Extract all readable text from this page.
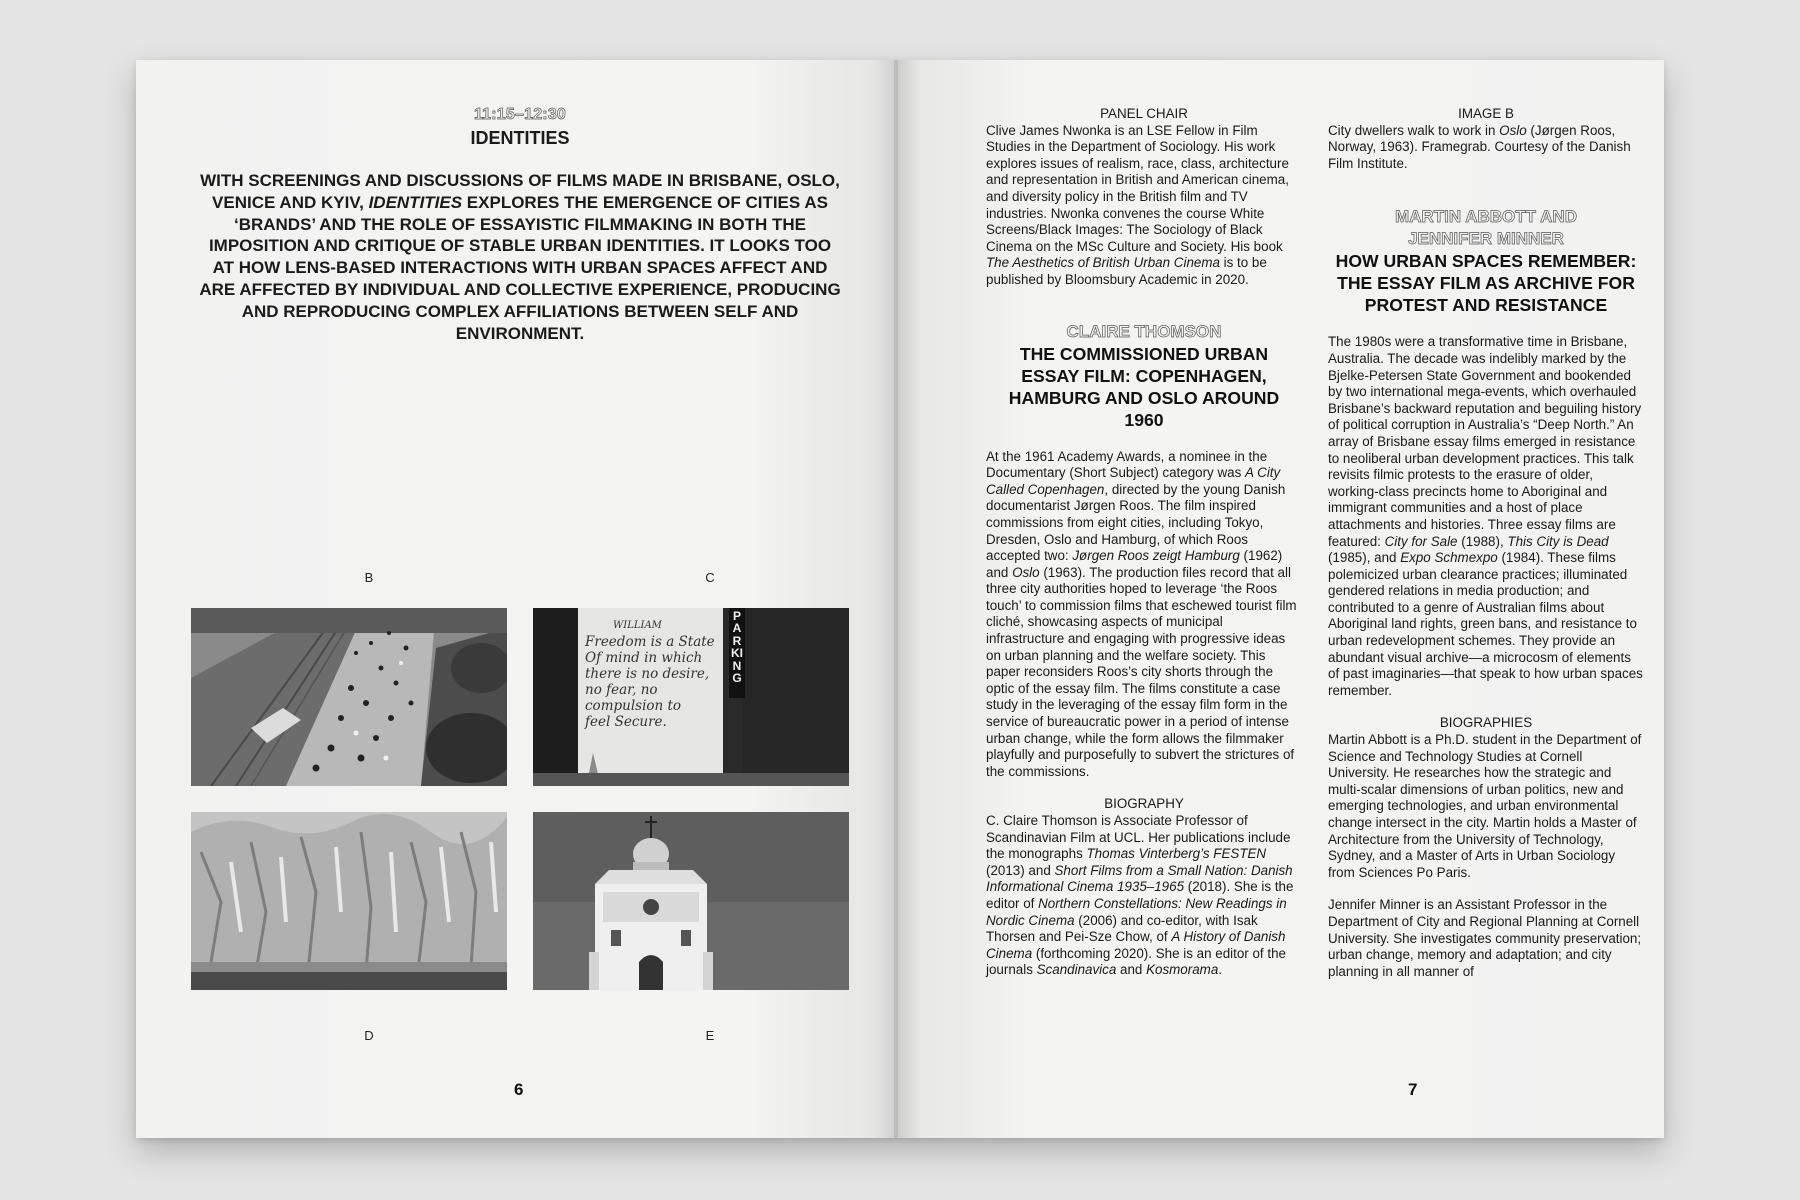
11:15–12:30
IDENTITIES
WITH SCREENINGS AND DISCUSSIONS OF FILMS MADE IN BRISBANE, OSLO, VENICE AND KYIV, IDENTITIES EXPLORES THE EMERGENCE OF CITIES AS ‘BRANDS’ AND THE ROLE OF ESSAYISTIC FILMMAKING IN BOTH THE IMPOSITION AND CRITIQUE OF STABLE URBAN IDENTITIES. IT LOOKS TOO AT HOW LENS-BASED INTERACTIONS WITH URBAN SPACES AFFECT AND ARE AFFECTED BY INDIVIDUAL AND COLLECTIVE EXPERIENCE, PRODUCING AND REPRODUCING COMPLEX AFFILIATIONS BETWEEN SELF AND ENVIRONMENT.
B	C
WILLIAM
Freedom is a State
Of mind in which
there is no desire,
no fear, no
compulsion to
feel Secure.
PARKING
D	E
6
PANEL CHAIR

Clive James Nwonka is an LSE Fellow in Film Studies in the Department of Sociology. His work explores issues of realism, race, class, architecture and representation in British and American cinema, and diversity policy in the British film and TV industries. Nwonka convenes the course White Screens/Black Images: The Sociology of Black Cinema on the MSc Culture and Society. His book The Aesthetics of British Urban Cinema is to be published by Bloomsbury Academic in 2020.

CLAIRE THOMSON
THE COMMISSIONED URBAN ESSAY FILM: COPENHAGEN, HAMBURG AND OSLO AROUND 1960

At the 1961 Academy Awards, a nominee in the Documentary (Short Subject) category was A City Called Copenhagen, directed by the young Danish documentarist Jørgen Roos. The film inspired commissions from eight cities, including Tokyo, Dresden, Oslo and Hamburg, of which Roos accepted two: Jørgen Roos zeigt Hamburg (1962) and Oslo (1963). The production files record that all three city authorities hoped to leverage ‘the Roos touch’ to commission films that eschewed tourist film cliché, showcasing aspects of municipal infrastructure and engaging with progressive ideas on urban planning and the welfare society. This paper reconsiders Roos’s city shorts through the optic of the essay film. The films constitute a case study in the leveraging of the essay film form in the service of bureaucratic power in a period of intense urban change, while the form allows the filmmaker playfully and purposefully to subvert the strictures of the commissions.

BIOGRAPHY

C. Claire Thomson is Associate Professor of Scandinavian Film at UCL. Her publications include the monographs Thomas Vinterberg’s FESTEN (2013) and Short Films from a Small Nation: Danish Informational Cinema 1935–1965 (2018). She is the editor of Northern Constellations: New Readings in Nordic Cinema (2006) and co-editor, with Isak Thorsen and Pei-Sze Chow, of A History of Danish Cinema (forthcoming 2020). She is an editor of the journals Scandinavica and Kosmorama.

IMAGE B

City dwellers walk to work in Oslo (Jørgen Roos, Norway, 1963). Framegrab. Courtesy of the Danish Film Institute.

MARTIN ABBOTT AND JENNIFER MINNER
HOW URBAN SPACES REMEMBER: THE ESSAY FILM AS ARCHIVE FOR PROTEST AND RESISTANCE

The 1980s were a transformative time in Brisbane, Australia. The decade was indelibly marked by the Bjelke-Petersen State Government and bookended by two international mega-events, which overhauled Brisbane’s backward reputation and beguiling history of political corruption in Australia’s “Deep North.” An array of Brisbane essay films emerged in resistance to neoliberal urban development practices. This talk revisits filmic protests to the erasure of older, working-class precincts home to Aboriginal and immigrant communities and a host of place attachments and histories. Three essay films are featured: City for Sale (1988), This City is Dead (1985), and Expo Schmexpo (1984). These films polemicized urban clearance practices; illuminated gendered relations in media production; and contributed to a genre of Australian films about Aboriginal land rights, green bans, and resistance to urban redevelopment schemes. They provide an abundant visual archive—a microcosm of elements of past imaginaries—that speak to how urban spaces remember.

BIOGRAPHIES

Martin Abbott is a Ph.D. student in the Department of Science and Technology Studies at Cornell University. He researches how the strategic and multi-scalar dimensions of urban politics, new and emerging technologies, and urban environmental change intersect in the city. Martin holds a Master of Architecture from the University of Technology, Sydney, and a Master of Arts in Urban Sociology from Sciences Po Paris.

Jennifer Minner is an Assistant Professor in the Department of City and Regional Planning at Cornell University. She investigates community preservation; urban change, memory and adaptation; and city planning in all manner of

7
